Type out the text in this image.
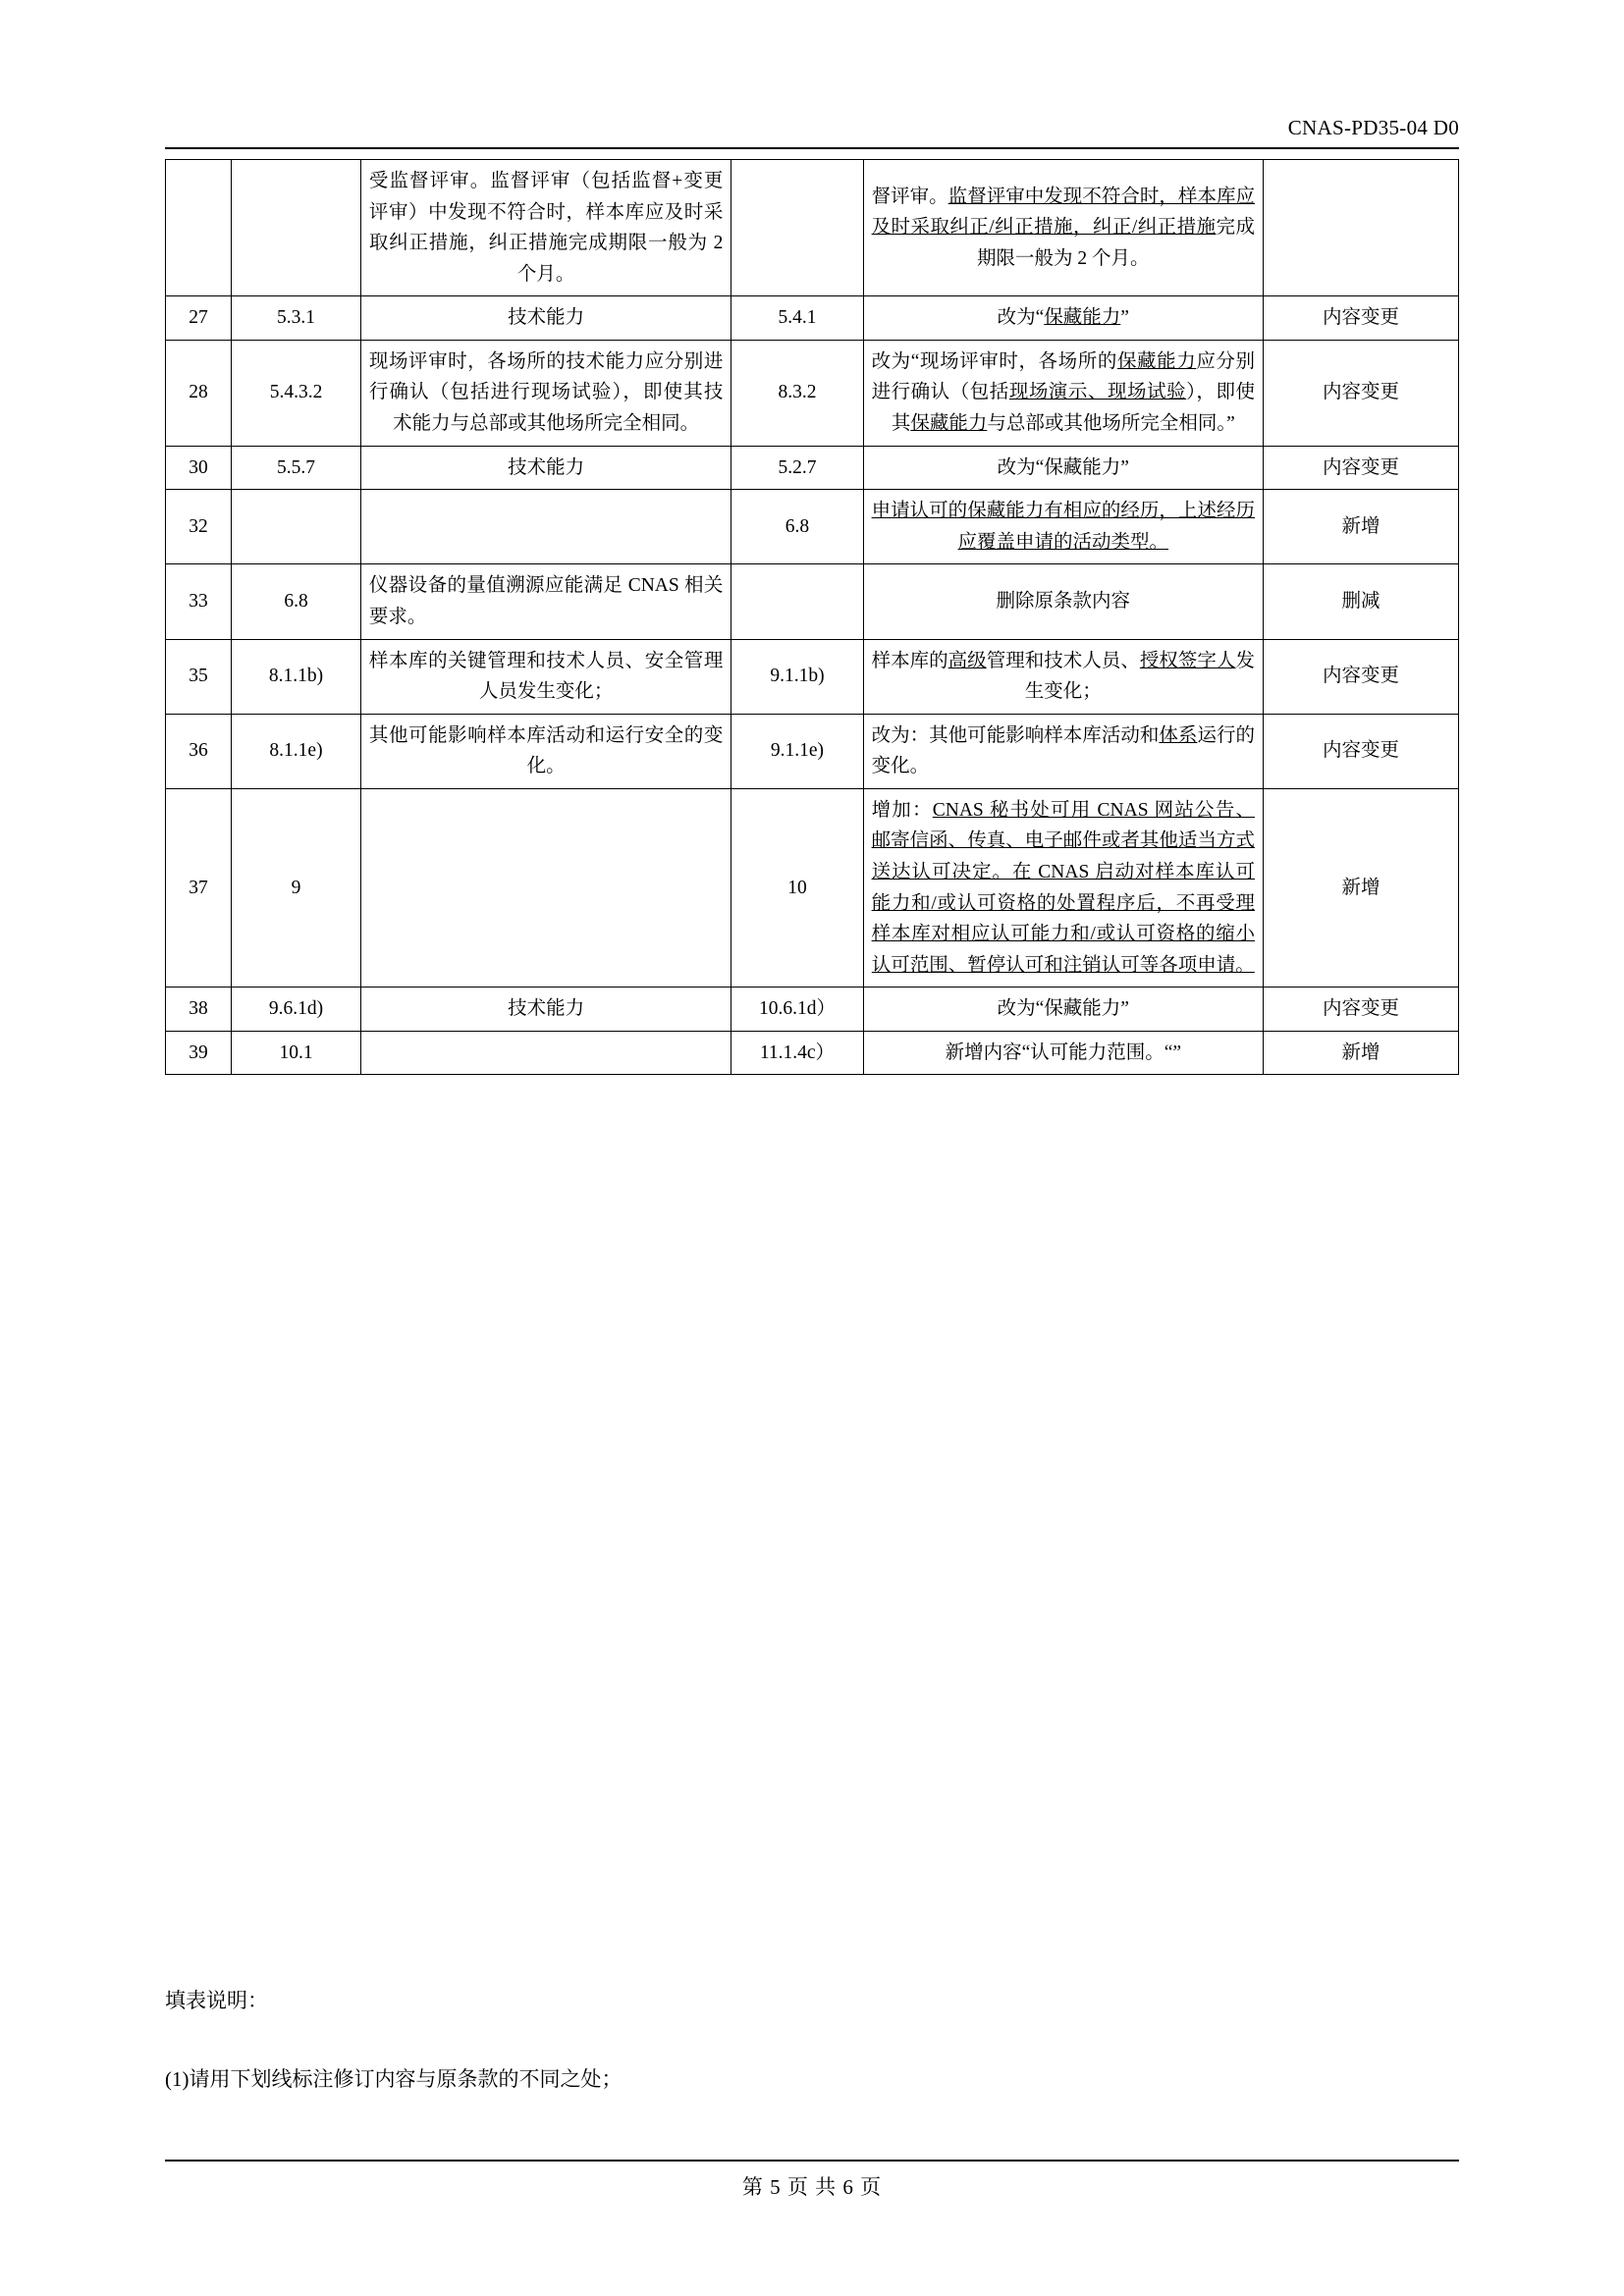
CNAS-PD35-04 D0
		受监督评审。监督评审（包括监督+变更评审）中发现不符合时，样本库应及时采取纠正措施，纠正措施完成期限一般为 2 个月。		督评审。监督评审中发现不符合时，样本库应及时采取纠正/纠正措施，纠正/纠正措施完成期限一般为 2 个月。	
27	5.3.1	技术能力	5.4.1	改为“保藏能力”	内容变更
28	5.4.3.2	现场评审时，各场所的技术能力应分别进行确认（包括进行现场试验），即使其技术能力与总部或其他场所完全相同。	8.3.2	改为“现场评审时，各场所的保藏能力应分别进行确认（包括现场演示、现场试验），即使其保藏能力与总部或其他场所完全相同。”	内容变更
30	5.5.7	技术能力	5.2.7	改为“保藏能力”	内容变更
32			6.8	申请认可的保藏能力有相应的经历，上述经历应覆盖申请的活动类型。	新增
33	6.8	仪器设备的量值溯源应能满足 CNAS 相关要求。		删除原条款内容	删减
35	8.1.1b)	样本库的关键管理和技术人员、安全管理人员发生变化；	9.1.1b)	样本库的高级管理和技术人员、授权签字人发生变化；	内容变更
36	8.1.1e)	其他可能影响样本库活动和运行安全的变化。	9.1.1e)	改为：其他可能影响样本库活动和体系运行的变化。	内容变更
37	9		10	增加：CNAS 秘书处可用 CNAS 网站公告、邮寄信函、传真、电子邮件或者其他适当方式送达认可决定。在 CNAS 启动对样本库认可能力和/或认可资格的处置程序后，不再受理样本库对相应认可能力和/或认可资格的缩小认可范围、暂停认可和注销认可等各项申请。	新增
38	9.6.1d)	技术能力	10.6.1d）	改为“保藏能力”	内容变更
39	10.1		11.1.4c）	新增内容“认可能力范围。“”	新增
填表说明：
(1)请用下划线标注修订内容与原条款的不同之处；
第 5 页 共 6 页
